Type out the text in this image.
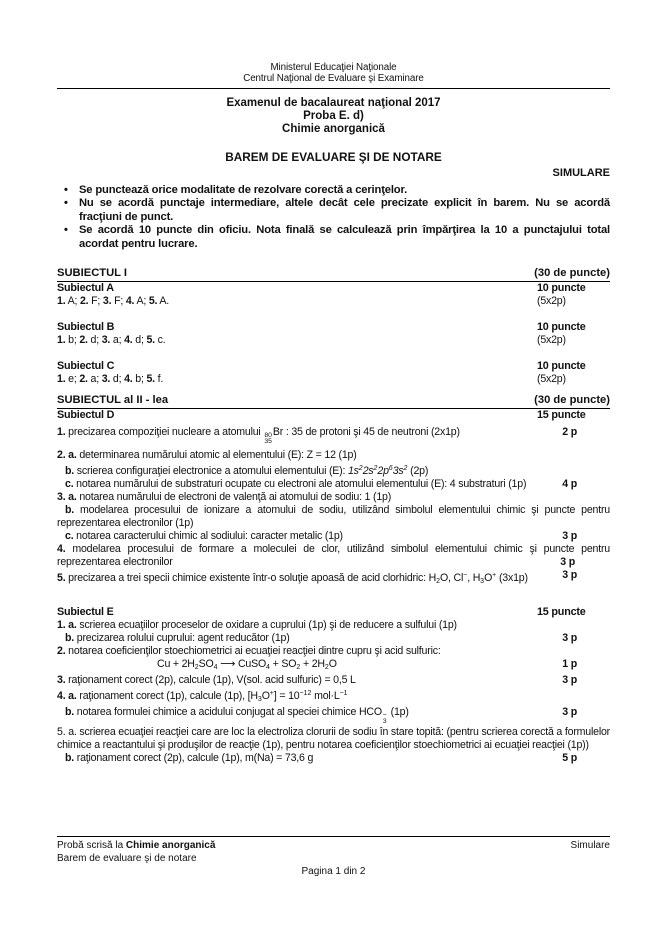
Ministerul Educaţiei Naţionale
Centrul Naţional de Evaluare şi Examinare
Examenul de bacalaureat naţional 2017
Proba E. d)
Chimie anorganică
BAREM DE EVALUARE ŞI DE NOTARE
SIMULARE
• Se punctează orice modalitate de rezolvare corectă a cerinţelor.
• Nu se acordă punctaje intermediare, altele decât cele precizate explicit în barem. Nu se acordă fracţiuni de punct.
• Se acordă 10 puncte din oficiu. Nota finală se calculează prin împărţirea la 10 a punctajului total acordat pentru lucrare.
SUBIECTUL I	(30 de puncte)
Subiectul A	10 puncte
1. A; 2. F; 3. F; 4. A; 5. A.	(5x2p)
Subiectul B	10 puncte
1. b; 2. d; 3. a; 4. d; 5. c.	(5x2p)
Subiectul C	10 puncte
1. e; 2. a; 3. d; 4. b; 5. f.	(5x2p)
SUBIECTUL al II - lea	(30 de puncte)
Subiectul D	15 puncte
1. precizarea compoziţiei nucleare a atomului 80
35
Br : 35 de protoni şi 45 de neutroni (2x1p)	2 p
2. a. determinarea numărului atomic al elementului (E): Z = 12 (1p)
b. scrierea configuraţiei electronice a atomului elementului (E): $1s^22s^22p^63s^2$ (2p)
c. notarea numărului de substraturi ocupate cu electroni ale atomului elementului (E): 4 substraturi (1p)	4 p
3. a. notarea numărului de electroni de valenţă ai atomului de sodiu: 1 (1p)
b. modelarea procesului de ionizare a atomului de sodiu, utilizând simbolul elementului chimic şi puncte pentru reprezentarea electronilor (1p)
c. notarea caracterului chimic al sodiului: caracter metalic (1p)	3 p
4. modelarea procesului de formare a moleculei de clor, utilizând simbolul elementului chimic şi puncte pentru reprezentarea electronilor	3 p
5. precizarea a trei specii chimice existente într-o soluţie apoasă de acid clorhidric: $H_2O$, Cl−, $H_3O^+$ (3x1p)	3 p
Subiectul E	15 puncte
1. a. scrierea ecuaţiilor proceselor de oxidare a cuprului (1p) şi de reducere a sulfului (1p)
b. precizarea rolului cuprului: agent reducător (1p)	3 p
2. notarea coeficienţilor stoechiometrici ai ecuaţiei reacţiei dintre cupru şi acid sulfuric:
$Cu + 2H_2SO_4$ ⟶ CuSO$_4$ + $SO_2 + 2H_2O$	1 p
3. raţionament corect (2p), calcule (1p), V(sol. acid sulfuric) = 0,5 L	3 p
4. a. raţionament corect (1p), calcule (1p), $[H_3O^+] = 10^{-12}$ $mol\cdot L^{-1}$
b. notarea formulei chimice a acidului conjugat al speciei chimice HCO −
3
(1p)	3 p
5. a. scrierea ecuaţiei reacţiei care are loc la electroliza clorurii de sodiu în stare topită: (pentru scrierea corectă a formulelor chimice a reactantului şi produşilor de reacţie (1p), pentru notarea coeficienţilor stoechiometrici ai ecuaţiei reacţiei (1p))
b. raţionament corect (2p), calcule (1p), m(Na) = 73,6 g	5 p
Probă scrisă la Chimie anorganică	Simulare
Barem de evaluare şi de notare
Pagina 1 din 2
